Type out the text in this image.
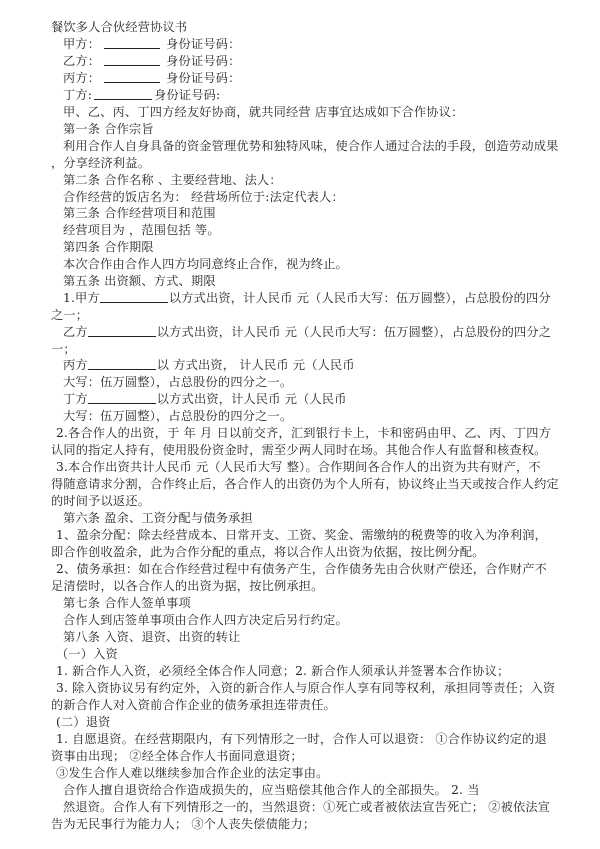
餐饮多人合伙经营协议书
甲方：	身份证号码：
乙方：	身份证号码：
丙方：	身份证号码：
丁方:	身份证号码:
甲、乙、丙、丁四方经友好协商，就共同经营 店事宜达成如下合作协议：
第一条 合作宗旨
利用合作人自身具备的资金管理优势和独特风味，使合作人通过合法的手段，创造劳动成果
，分享经济利益。
第二条 合作名称 、主要经营地、法人：
合作经营的饭店名为： 经营场所位于:法定代表人：
第三条 合作经营项目和范围
经营项目为 ，范围包括 等。
第四条 合作期限
本次合作由合作人四方均同意终止合作，视为终止。
第五条 出资额、方式、期限
1.甲方	以方式出资，计人民币 元（人民币大写：伍万圆整），占总股份的四分
之一；
乙方	以方式出资，计人民币 元（人民币大写：伍万圆整），占总股份的四分之
一；
丙方	以 方式出资， 计人民币 元（人民币
大写：伍万圆整），占总股份的四分之一。
丁方	以方式出资，计人民币 元（人民币
大写：伍万圆整），占总股份的四分之一。
2.各合作人的出资，于 年 月 日以前交齐，汇到银行卡上，卡和密码由甲、乙、丙、丁四方
认同的指定人持有，使用股份资金时，需至少两人同时在场。其他合作人有监督和核查权。
3.本合作出资共计人民币 元（人民币大写 整）。合作期间各合作人的出资为共有财产，不
得随意请求分割，合作终止后，各合作人的出资仍为个人所有，协议终止当天或按合作人约定
的时间予以返还。
第六条 盈余、工资分配与债务承担
1、盈余分配：除去经营成本、日常开支、工资、奖金、需缴纳的税费等的收入为净利润，
即合作创收盈余，此为合作分配的重点，将以合作人出资为依据，按比例分配。
2、债务承担：如在合作经营过程中有债务产生，合作债务先由合伙财产偿还，合作财产不
足清偿时，以各合作人的出资为据，按比例承担。
第七条 合作人签单事项
合作人到店签单事项由合作人四方决定后另行约定。
第八条 入资、退资、出资的转让
（一）入资
1. 新合作人入资，必须经全体合作人同意；2. 新合作人须承认并签署本合作协议；
3. 除入资协议另有约定外，入资的新合作人与原合作人享有同等权利，承担同等责任；入资
的新合作人对入资前合作企业的债务承担连带责任。
(二）退资
1. 自愿退资。在经营期限内，有下列情形之一时，合作人可以退资： ①合作协议约定的退
资事由出现； ②经全体合作人书面同意退资；
③发生合作人难以继续参加合作企业的法定事由。
合作人擅自退资给合作造成损失的，应当赔偿其他合作人的全部损失。 2. 当
然退资。合作人有下列情形之一的，当然退资：①死亡或者被依法宣告死亡； ②被依法宣
告为无民事行为能力人； ③个人丧失偿债能力；
